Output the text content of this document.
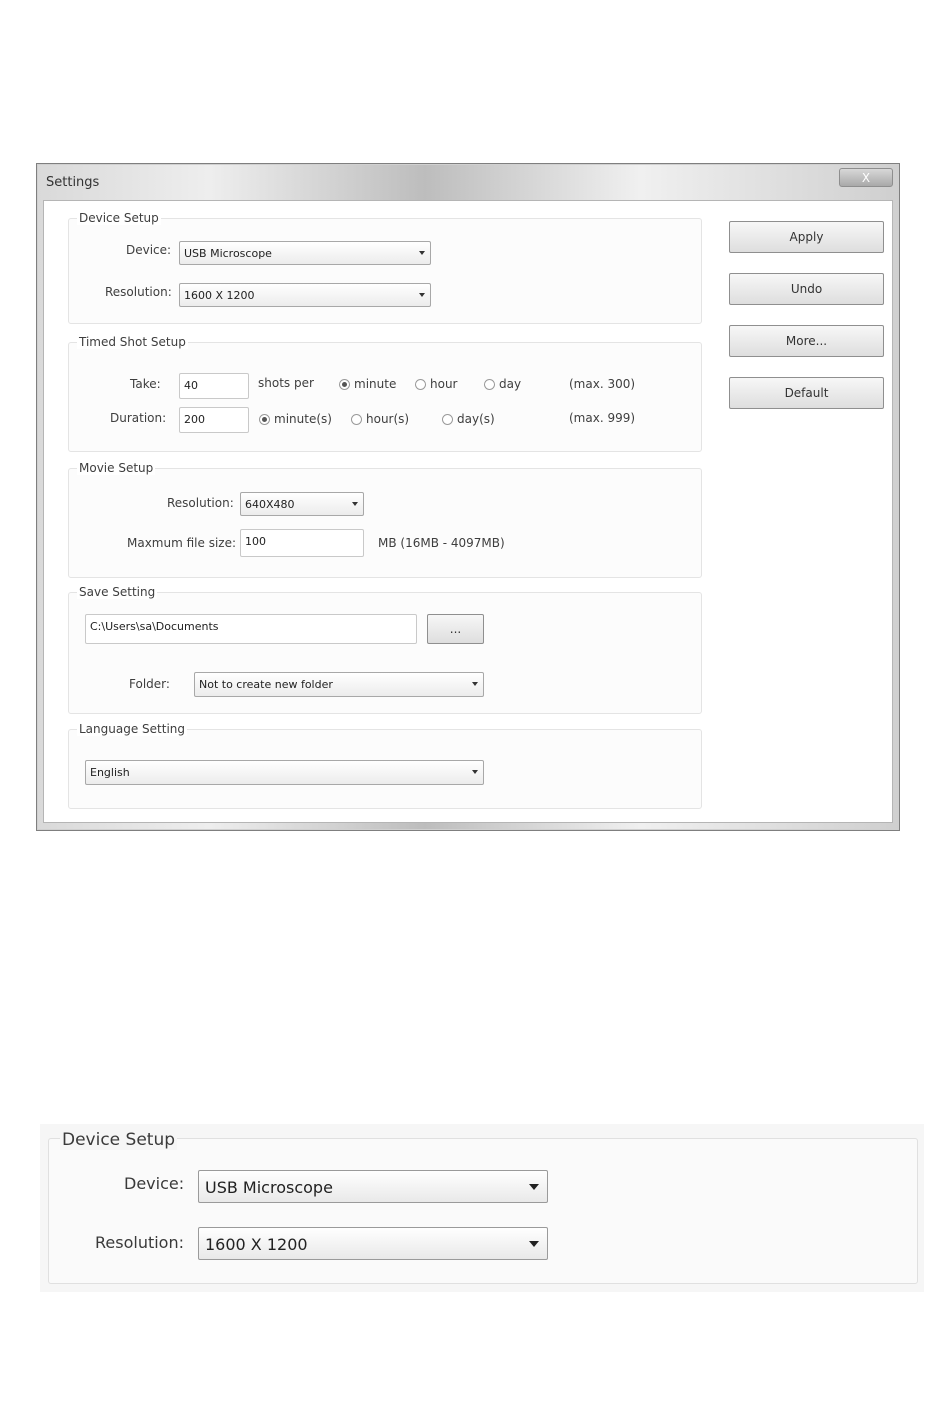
Settings	X
Device Setup
Device:	USB Microscope
Resolution:	1600 X 1200
Timed Shot Setup
Take:	40	shots per	minute	hour	day	(max. 300)
Duration:	200	minute(s)	hour(s)	day(s)	(max. 999)
Movie Setup
Resolution:	640X480
Maxmum file size: 100	MB (16MB - 4097MB)
Save Setting
C:\Users\sa\Documents	...
Folder:	Not to create new folder
Language Setting
English
Apply
Undo
More...
Default
Device Setup
Device:	USB Microscope
Resolution:	1600 X 1200
